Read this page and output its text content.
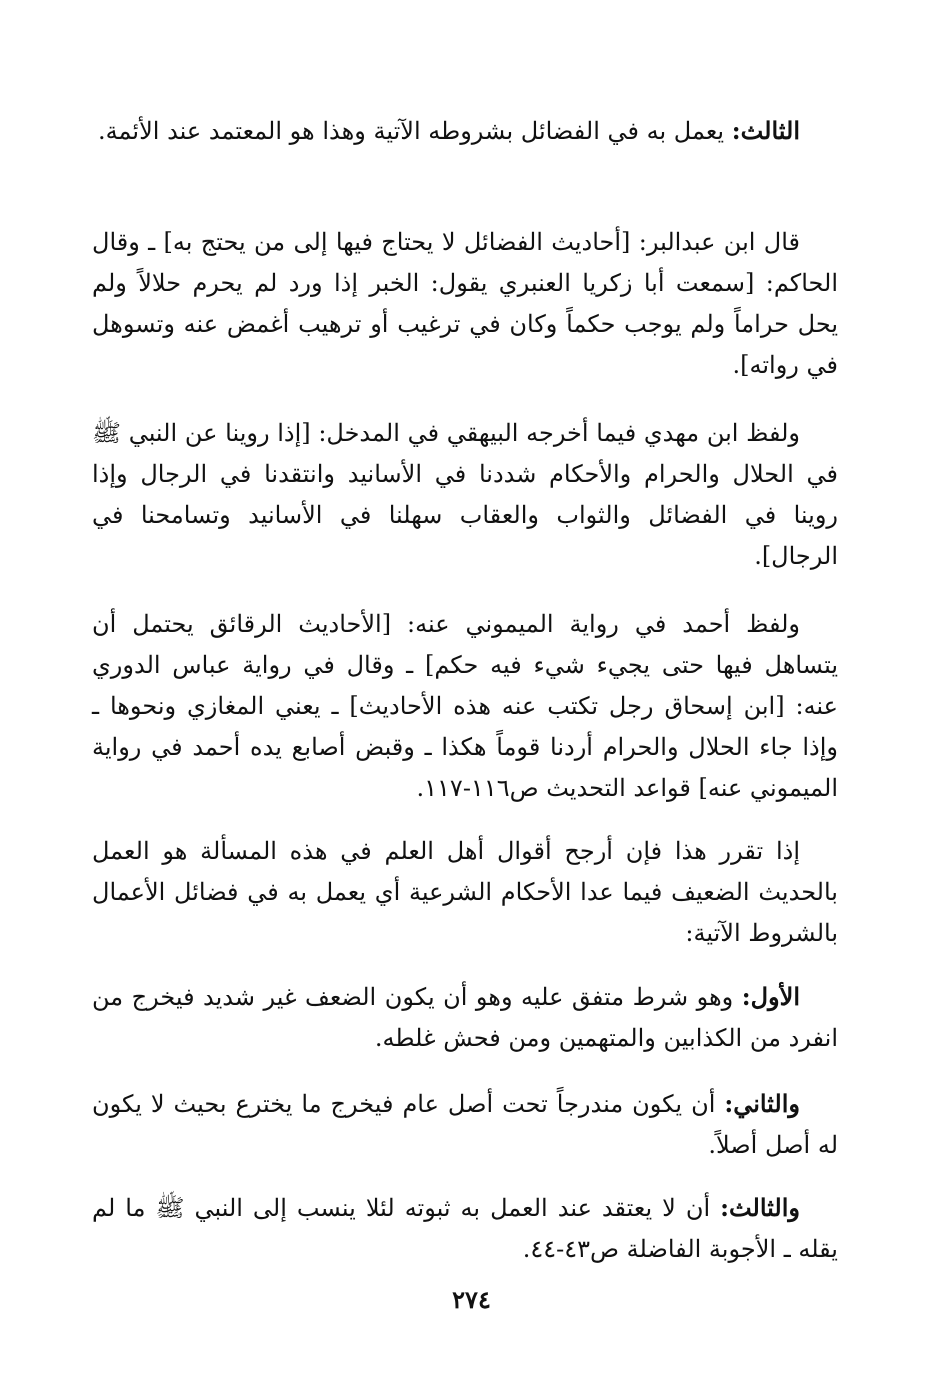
الثالث: يعمل به في الفضائل بشروطه الآتية وهذا هو المعتمد عند الأئمة.

قال ابن عبدالبر: [أحاديث الفضائل لا يحتاج فيها إلى من يحتج به] ـ وقال الحاكم: [سمعت أبا زكريا العنبري يقول: الخبر إذا ورد لم يحرم حلالاً ولم يحل حراماً ولم يوجب حكماً وكان في ترغيب أو ترهيب أغمض عنه وتسوهل في رواته].

ولفظ ابن مهدي فيما أخرجه البيهقي في المدخل: [إذا روينا عن النبي ﷺ في الحلال والحرام والأحكام شددنا في الأسانيد وانتقدنا في الرجال وإذا روينا في الفضائل والثواب والعقاب سهلنا في الأسانيد وتسامحنا في الرجال].

ولفظ أحمد في رواية الميموني عنه: [الأحاديث الرقائق يحتمل أن يتساهل فيها حتى يجيء شيء فيه حكم] ـ وقال في رواية عباس الدوري عنه: [ابن إسحاق رجل تكتب عنه هذه الأحاديث] ـ يعني المغازي ونحوها ـ وإذا جاء الحلال والحرام أردنا قوماً هكذا ـ وقبض أصابع يده أحمد في رواية الميموني عنه] قواعد التحديث ص١١٦-١١٧.

إذا تقرر هذا فإن أرجح أقوال أهل العلم في هذه المسألة هو العمل بالحديث الضعيف فيما عدا الأحكام الشرعية أي يعمل به في فضائل الأعمال بالشروط الآتية:

الأول: وهو شرط متفق عليه وهو أن يكون الضعف غير شديد فيخرج من انفرد من الكذابين والمتهمين ومن فحش غلطه.

والثاني: أن يكون مندرجاً تحت أصل عام فيخرج ما يخترع بحيث لا يكون له أصل أصلاً.

والثالث: أن لا يعتقد عند العمل به ثبوته لئلا ينسب إلى النبي ﷺ ما لم يقله ـ الأجوبة الفاضلة ص٤٣-٤٤.

٢٧٤
